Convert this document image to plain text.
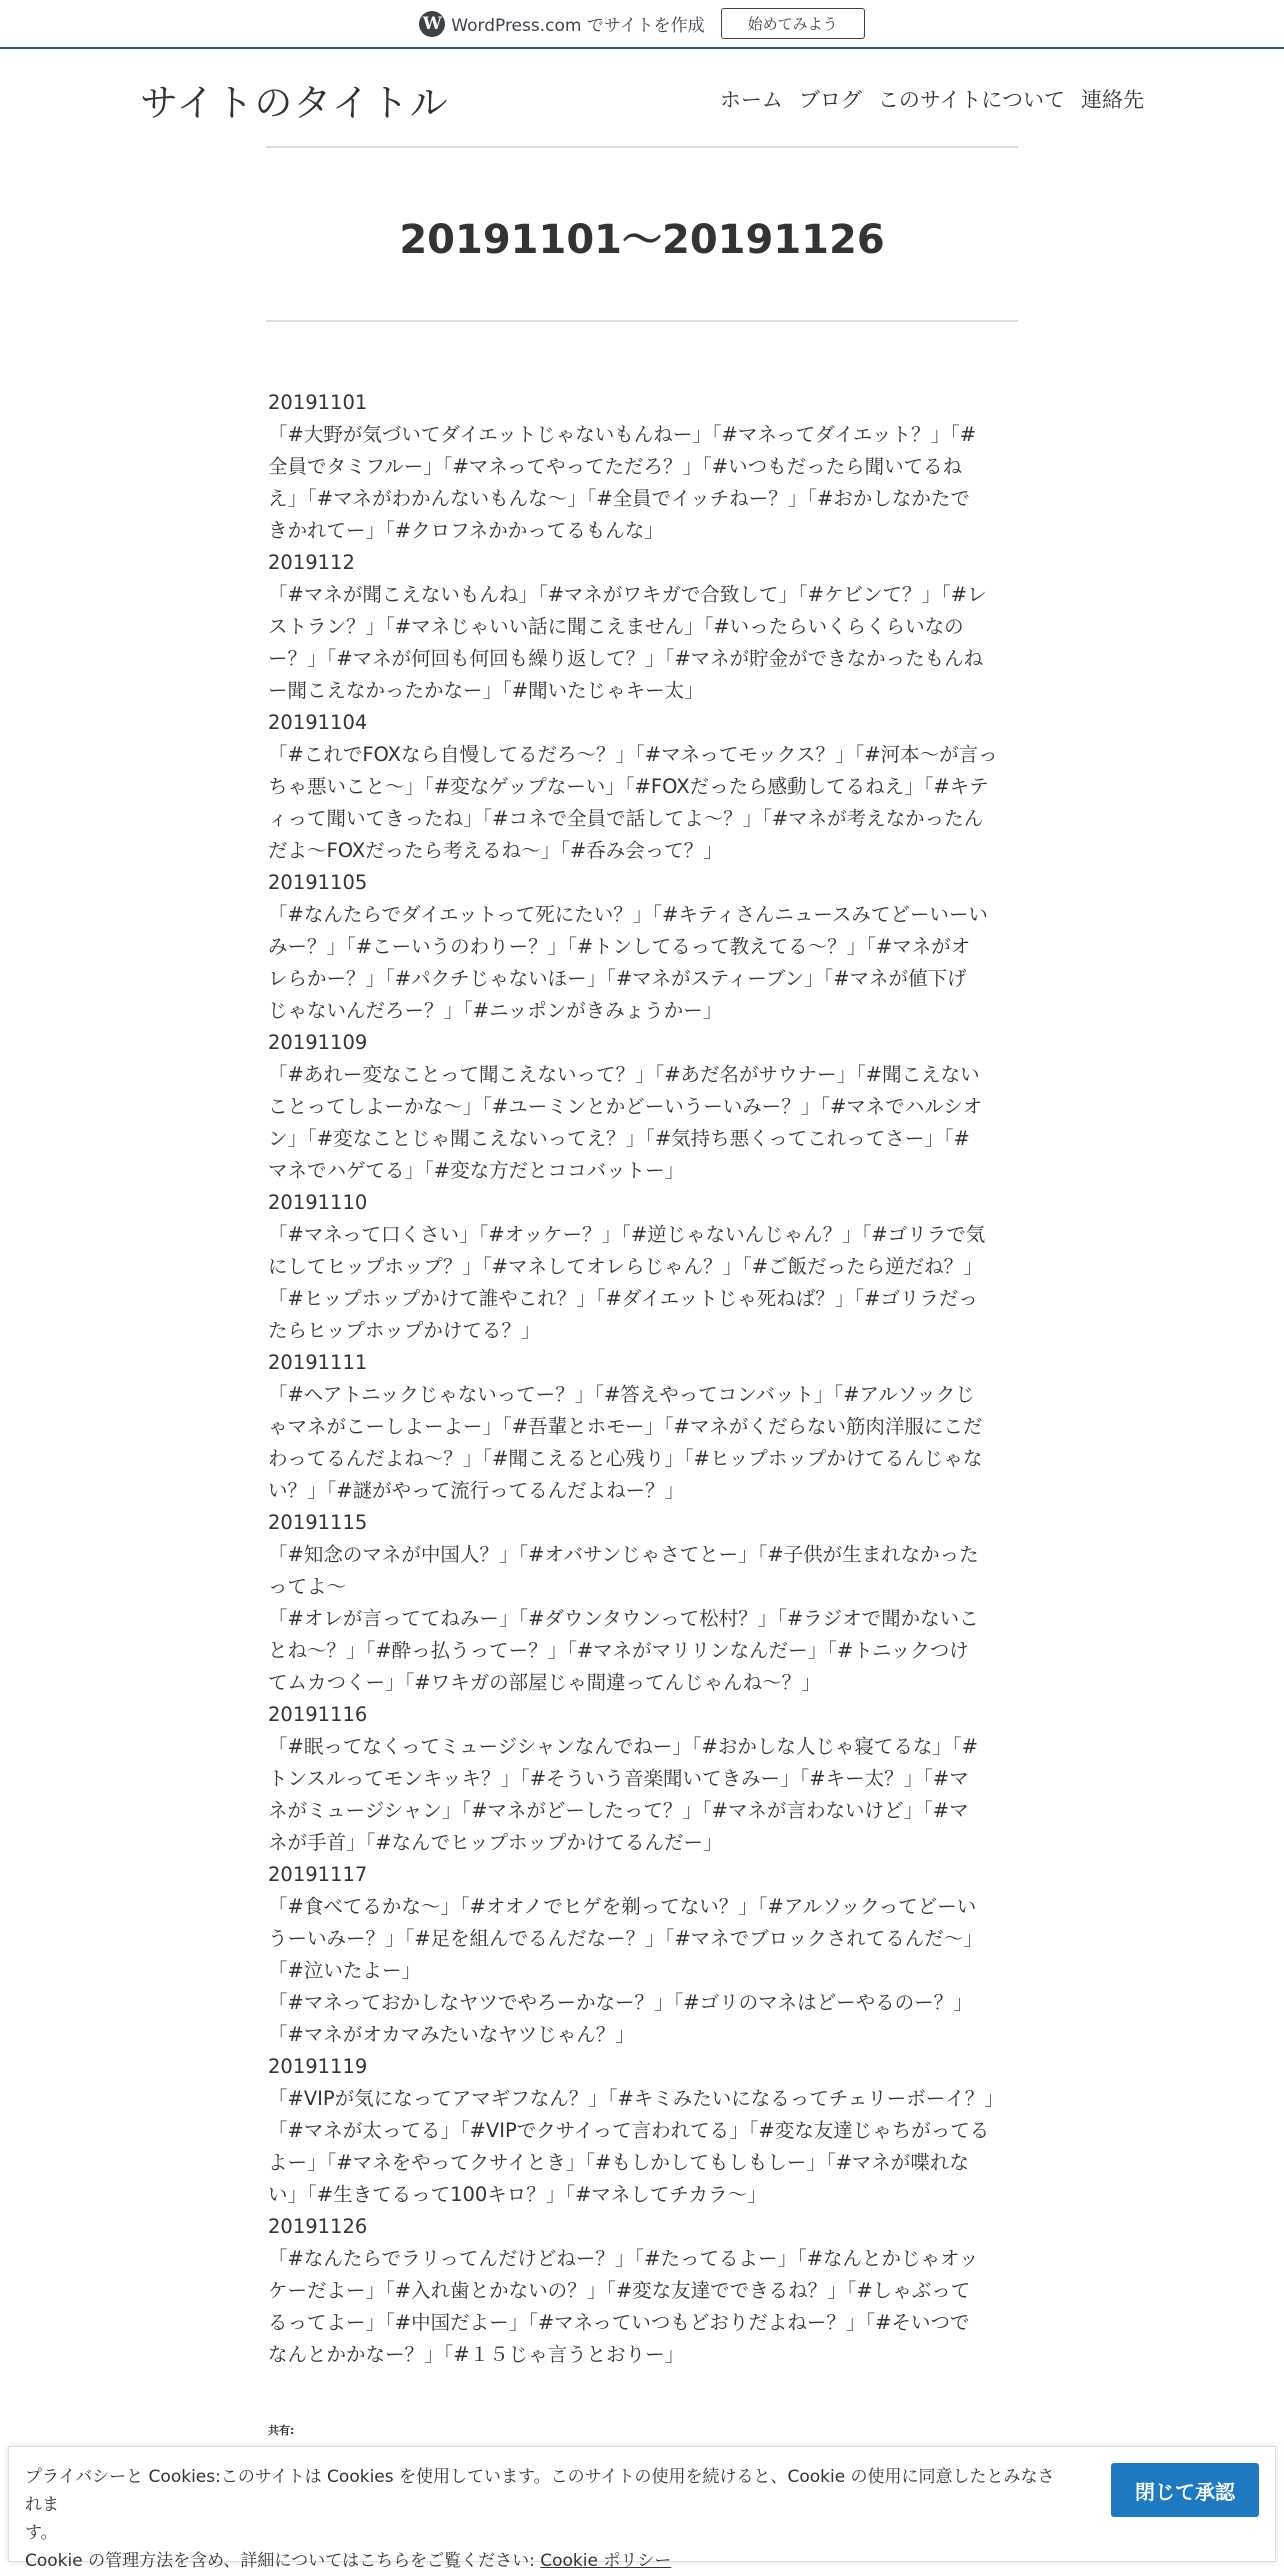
W WordPress.com でサイトを作成	始めてみよう
サイトのタイトル	ホーム ブログ このサイトについて 連絡先
20191101～20191126

20191101

「#大野が気づいてダイエットじゃないもんねー」「#マネってダイエット？」「#

全員でタミフルー」「#マネってやってただろ？」「#いつもだったら聞いてるね

え」「#マネがわかんないもんな〜」「#全員でイッチねー？」「#おかしなかたで

きかれてー」「#クロフネかかってるもんな」

2019112

「#マネが聞こえないもんね」「#マネがワキガで合致して」「#ケビンて？」「#レ

ストラン？」「#マネじゃいい話に聞こえません」「#いったらいくらくらいなの

ー？」「#マネが何回も何回も繰り返して？」「#マネが貯金ができなかったもんね

ー聞こえなかったかなー」「#聞いたじゃキー太」

20191104

「#これでFOXなら自慢してるだろ〜？」「#マネってモックス？」「#河本〜が言っ

ちゃ悪いこと〜」「#変なゲップなーい」「#FOXだったら感動してるねえ」「#キテ

ィって聞いてきったね」「#コネで全員で話してよ〜？」「#マネが考えなかったん

だよ〜FOXだったら考えるね〜」「#呑み会って？」

20191105

「#なんたらでダイエットって死にたい？」「#キティさんニュースみてどーいーい

みー？」「#こーいうのわりー？」「#トンしてるって教えてる〜？」「#マネがオ

レらかー？」「#パクチじゃないほー」「#マネがスティーブン」「#マネが値下げ

じゃないんだろー？」「#ニッポンがきみょうかー」

20191109

「#あれー変なことって聞こえないって？」「#あだ名がサウナー」「#聞こえない

ことってしよーかな〜」「#ユーミンとかどーいうーいみー？」「#マネでハルシオ

ン」「#変なことじゃ聞こえないってえ？」「#気持ち悪くってこれってさー」「#

マネでハゲてる」「#変な方だとココバットー」

20191110

「#マネって口くさい」「#オッケー？」「#逆じゃないんじゃん？」「#ゴリラで気

にしてヒップホップ？」「#マネしてオレらじゃん？」「#ご飯だったら逆だね？」

「#ヒップホップかけて誰やこれ？」「#ダイエットじゃ死ねば？」「#ゴリラだっ

たらヒップホップかけてる？」

20191111

「#ヘアトニックじゃないってー？」「#答えやってコンバット」「#アルソックじ

ゃマネがこーしよーよー」「#吾輩とホモー」「#マネがくだらない筋肉洋服にこだ

わってるんだよね〜？」「#聞こえると心残り」「#ヒップホップかけてるんじゃな

い？」「#謎がやって流行ってるんだよねー？」

20191115

「#知念のマネが中国人？」「#オバサンじゃさてとー」「#子供が生まれなかった

ってよ〜

「#オレが言っててねみー」「#ダウンタウンって松村？」「#ラジオで聞かないこ

とね〜？」「#酔っ払うってー？」「#マネがマリリンなんだー」「#トニックつけ

てムカつくー」「#ワキガの部屋じゃ間違ってんじゃんね〜？」

20191116

「#眠ってなくってミュージシャンなんでねー」「#おかしな人じゃ寝てるな」「#

トンスルってモンキッキ？」「#そういう音楽聞いてきみー」「#キー太？」「#マ

ネがミュージシャン」「#マネがどーしたって？」「#マネが言わないけど」「#マ

ネが手首」「#なんでヒップホップかけてるんだー」

20191117

「#食べてるかな〜」「#オオノでヒゲを剃ってない？」「#アルソックってどーい

うーいみー？」「#足を組んでるんだなー？」「#マネでブロックされてるんだ〜」

「#泣いたよー」

「#マネっておかしなヤツでやろーかなー？」「#ゴリのマネはどーやるのー？」

「#マネがオカマみたいなヤツじゃん？」

20191119

「#VIPが気になってアマギフなん？」「#キミみたいになるってチェリーボーイ？」

「#マネが太ってる」「#VIPでクサイって言われてる」「#変な友達じゃちがってる

よー」「#マネをやってクサイとき」「#もしかしてもしもしー」「#マネが喋れな

い」「#生きてるって100キロ？」「#マネしてチカラ〜」

20191126

「#なんたらでラリってんだけどねー？」「#たってるよー」「#なんとかじゃオッ

ケーだよー」「#入れ歯とかないの？」「#変な友達でできるね？」「#しゃぶって

るってよー」「#中国だよー」「#マネっていつもどおりだよねー？」「#そいつで

なんとかかなー？」「#１５じゃ言うとおりー」

共有:
プライバシーと Cookies:このサイトは Cookies を使用しています。このサイトの使用を続けると、Cookie の使用に同意したとみなされま
す。
Cookie の管理方法を含め、詳細についてはこちらをご覧ください: Cookie ポリシー
閉じて承認
